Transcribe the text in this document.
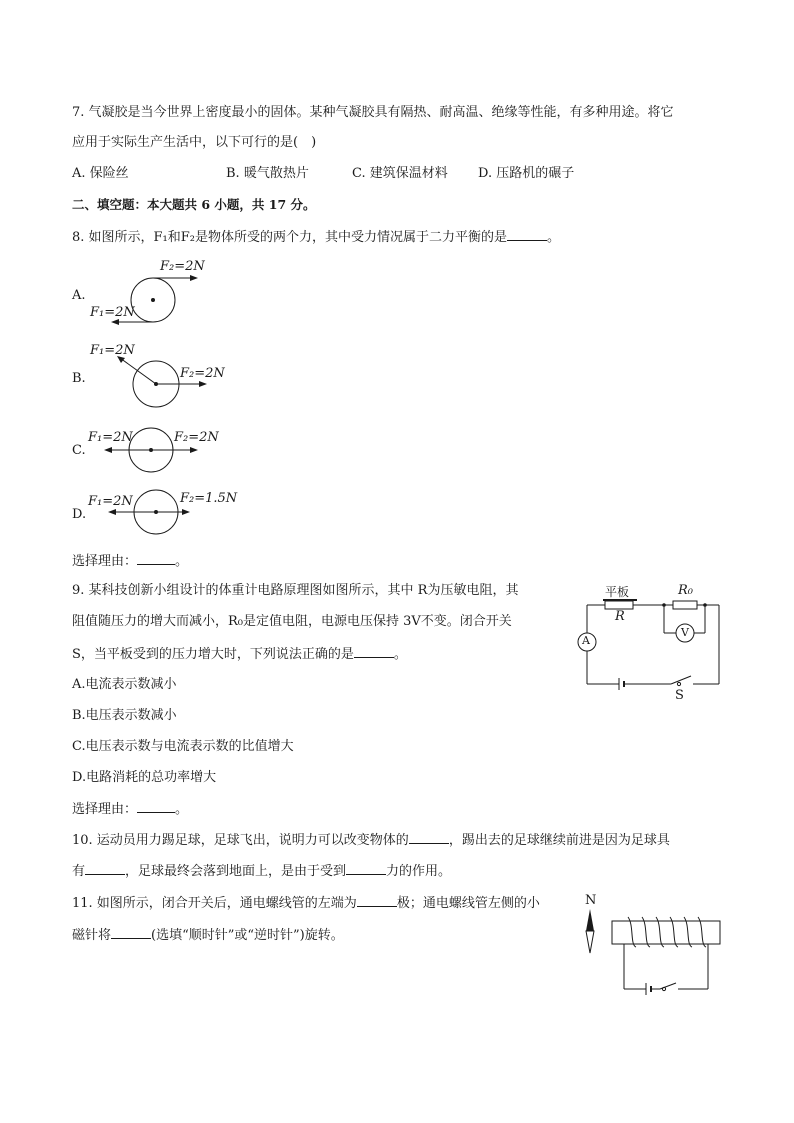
7. 气凝胶是当今世界上密度最小的固体。某种气凝胶具有隔热、耐高温、绝缘等性能，有多种用途。将它
应用于实际生产生活中，以下可行的是(　)
A. 保险丝	B. 暖气散热片	C. 建筑保温材料 D. 压路机的碾子
二、填空题：本大题共 6 小题，共 17 分。
8. 如图所示，F₁和F₂是物体所受的两个力，其中受力情况属于二力平衡的是	。
A.
F₂=2N
F₁=2N
B.
F₁=2N
F₂=2N
C.
F₁=2N	F₂=2N
D.
F₁=2N	F₂=1.5N
选择理由：	。
9. 某科技创新小组设计的体重计电路原理图如图所示，其中 R为压敏电阻，其
阻值随压力的增大而减小，R₀是定值电阻，电源电压保持 3V不变。闭合开关
S，当平板受到的压力增大时，下列说法正确的是	。
A.电流表示数减小
B.电压表示数减小
C.电压表示数与电流表示数的比值增大
D.电路消耗的总功率增大
选择理由：	。
平板
R
R₀
A
V
S
10. 运动员用力踢足球，足球飞出，说明力可以改变物体的	，踢出去的足球继续前进是因为足球具
有	，足球最终会落到地面上，是由于受到	力的作用。
11. 如图所示，闭合开关后，通电螺线管的左端为	极；通电螺线管左侧的小
磁针将	(选填“顺时针”或“逆时针”)旋转。
N
